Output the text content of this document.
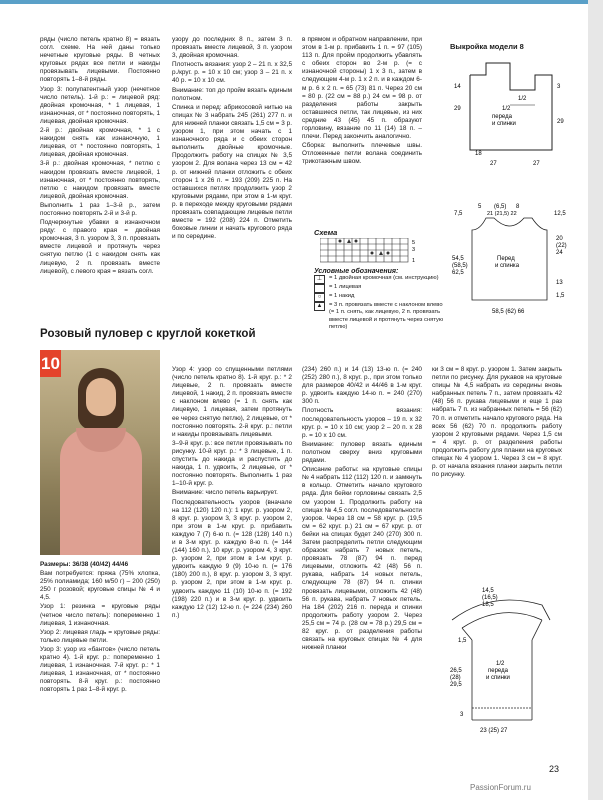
ряды (число петель кратно 8) = вязать согл. схеме. На ней даны только нечетные круговые ряды. В четных круговых рядах все петли и накиды провязывать лицевыми. Постоянно повторять 1–8-й ряды.

Узор 3: полупатентный узор (нечетное число петель). 1-й р.: = лицевой ряд: двойная кромочная, * 1 лицевая, 1 изнаночная, от * постоянно повторять, 1 лицевая, двойная кромочная.

2-й р.: двойная кромочная, * 1 с накидом снять как изнаночную, 1 лицевая, от * постоянно повторять, 1 лицевая, двойная кромочная.

3-й р.: двойная кромочная, * петлю с накидом провязать вместе лицевой, 1 изнаночная, от * постоянно повторять, петлю с накидом провязать вместе лицевой, двойная кромочная.

Выполнить 1 раз 1–3-й р., затем постоянно повторять 2-й и 3-й р.

Подчеркнутые убавки в изнаночном ряду: с правого края = двойная кромочная, 3 п. узором 3, 3 п. провязать вместе лицевой и протянуть через снятую петлю (1 с накидом снять как лицевую, 2 п. провязать вместе лицевой), с левого края = вязать согл.

узору до последних 8 п., затем 3 п. провязать вместе лицевой, 3 п. узором 3, двойная кромочная.

Плотность вязания: узор 2 – 21 п. x 32,5 р./круг. р. = 10 x 10 см; узор 3 – 21 п. x 40 р. = 10 x 10 см.

Внимание: топ до пройм вязать единым полотном.

Спинка и перед: абрикосовой нитью на спицах № 3 набрать 245 (261) 277 п. и для нижней планки связать 1,5 см = 3 р. узором 1, при этом начать с 1 изнаночного ряда и с обеих сторон выполнить двойные кромочные. Продолжить работу на спицах № 3,5 узором 2. Для волана через 13 см = 42 р. от нижней планки отложить с обеих сторон 1 х 26 п. = 193 (209) 225 п. На оставшихся петлях продолжить узор 2 круговыми рядами, при этом в 1-м круг. р. в переходе между круговыми рядами провязать совпадающие лицевые петли вместе = 192 (208) 224 п. Отметить боковые линии и начать кругового ряда и по середине.

в прямом и обратном направлении, при этом в 1-м р. прибавить 1 п. = 97 (105) 113 п. Для пройм продолжить убавлять с обеих сторон во 2-м р. (= с изнаночной стороны) 1 х 3 п., затем в следующем 4-м р. 1 х 2 п. и в каждом 6-м р. 6 х 2 п. = 65 (73) 81 п. Через 20 см = 80 р. (22 см = 88 р.) 24 см = 98 р. от разделения работы закрыть оставшиеся петли, так лицевые, из них средние 43 (45) 45 п. образуют горловину, вязание по 11 (14) 18 п. – плечи. Перед закончить аналогично.

Сборка: выполнить плечевые швы. Отложенные петли волана соединить трикотажным швом.

Выкройка модели 8
18
14
29
3
29
27	27
1/2
1/2
переда
и спинки
Схема
5
3
1
Условные обозначения:
⊥	= 1 двойная кромочная (см. инструкцию)
= 1 лицевая
○	= 1 накид
▲	= 3 п. провязать вместе с наклоном влево (= 1 п. снять, как лицевую, 2 п. провязать вместе лицевой и протянуть через снятую петлю)
Перед
и спинка
58,5 (62) 66
54,5
(58,5)
62,5
20
(22)
24
13
1,5
5 (6,5) 8
21 (21,5) 22
7,5	12,5
Розовый пуловер с круглой кокеткой
10

Размеры: 36/38 (40/42) 44/46

Вам потребуется: пряжа (75% хлопка, 25% полиамида; 160 м/50 г) – 200 (250) 250 г розовой; круговые спицы № 4 и 4,5.

Узор 1: резинка = круговые ряды (четное число петель): попеременно 1 лицевая, 1 изнаночная.

Узор 2: лицевая гладь = круговые ряды: только лицевые петли.

Узор 3: узор из «бантов» (число петель кратно 4). 1-й круг. р.: попеременно 1 лицевая, 1 изнаночная. 7-й круг. р.: * 1 лицевая, 1 изнаночная, от * постоянно повторять. 8-й круг. р.: постоянно повторять 1 раз 1–8-й круг. р.

Узор 4: узор со спущенными петлями (число петель кратно 8). 1-й круг. р.: * 2 лицевые, 2 п. провязать вместе лицевой, 1 накид, 2 п. провязать вместе с наклоном влево (= 1 п. снять как лицевую, 1 лицевая, затем протянуть ее через снятую петлю), 2 лицевые, от * постоянно повторять. 2-й круг. р.: петли и накиды провязывать лицевыми.

3–9-й круг. р.: все петли провязывать по рисунку. 10-й круг. р.: * 3 лицевые, 1 п. спустить до накида и распустить до накида, 1 п. удвоить, 2 лицевые, от * постоянно повторять. Выполнить 1 раз 1–10-й круг. р.

Внимание: число петель варьирует.

Последовательность узоров (вначале на 112 (120) 120 п.): 1 круг. р. узором 2, 8 круг. р. узором 3, 3 круг. р. узором 2, при этом в 1-м круг. р. прибавить каждую 7 (7) 6-ю п. (= 128 (128) 140 п.) и в 3-м круг. р. каждую 8-ю п. (= 144 (144) 160 п.), 10 круг. р. узором 4, 3 круг. р. узором 2, при этом в 1-м круг. р. удвоить каждую 9 (9) 10-ю п. (= 176 (180) 200 п.), 8 круг. р. узором 3, 3 круг. р. узором 2, при этом в 1-м круг. р. удвоить каждую 11 (10) 10-ю п. (= 192 (198) 220 п.) и в 3-м круг. р. удвоить каждую 12 (12) 12-ю п. (= 224 (234) 260 п.)

(234) 260 п.) и 14 (13) 13-ю п. (= 240 (252) 280 п.), 8 круг. р., при этом только для размеров 40/42 и 44/46 в 1-м круг. р. удвоить каждую 14-ю п. = 240 (270) 300 п.

Плотность вязания: последовательность узоров – 19 п. x 32 круг. р. = 10 x 10 см; узор 2 – 20 п. x 28 р. = 10 x 10 см.

Внимание: пуловер вязать единым полотном сверху вниз круговыми рядами.

Описание работы: на круговые спицы № 4 набрать 112 (112) 120 п. и замкнуть в кольцо. Отметить начало кругового ряда. Для бейки горловины связать 2,5 см узором 1. Продолжить работу на спицах № 4,5 согл. последовательности узоров. Через 18 см = 58 круг. р. (19,5 см = 62 круг. р.) 21 см = 67 круг. р. от бейки на спицах будет 240 (270) 300 п. Затем распределить петли следующим образом: набрать 7 новых петель, провязать 78 (87) 94 п. перед лицевыми, отложить 42 (48) 56 п. рукава, набрать 14 новых петель, следующие 78 (87) 94 п. спинки провязать лицевыми, отложить 42 (48) 56 п. рукава, набрать 7 новых петель. На 184 (202) 216 п. переда и спинки продолжить работу узором 2. Через 25,5 см = 74 р. (28 см = 78 р.) 29,5 см = 82 круг. р. от разделения работы связать на круговых спицах № 4 для нижней планки

ки 3 см = 8 круг. р. узором 1. Затем закрыть петли по рисунку. Для рукавов на круговые спицы № 4,5 набрать из середины вновь набранных петель 7 п., затем провязать 42 (48) 56 п. рукава лицевыми и еще 1 раз набрать 7 п. из набранных петель = 56 (62) 70 п. и отметить начало кругового ряда. На всех 56 (62) 70 п. продолжить работу узором 2 круговыми рядами. Через 1,5 см = 4 круг. р. от разделения работы продолжить работу для планки на круговых спицах № 4 узором 1. Через 3 см = 8 круг. р. от начала вязания планки закрыть петли по рисунку.

14,5
(16,5)
18,5
26,5
(28)
29,5
1,5
3
1/2
переда
и спинки
23 (25) 27
23
PassionForum.ru
